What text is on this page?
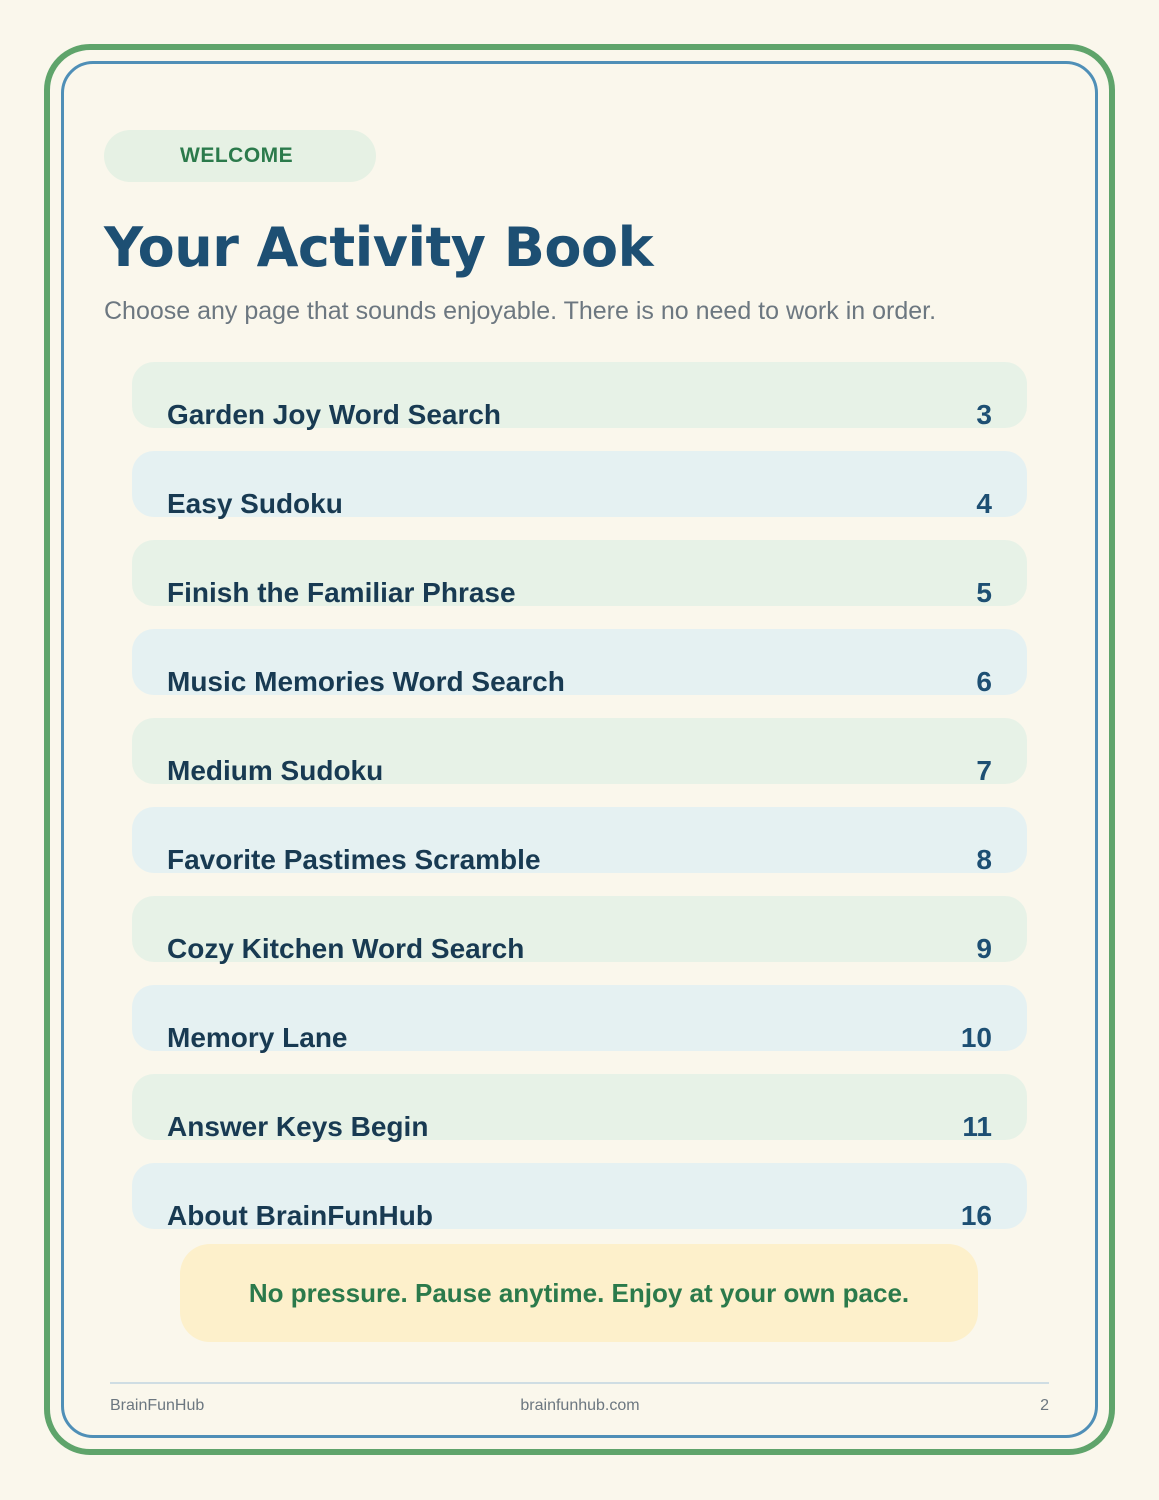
WELCOME
Your Activity Book

Choose any page that sounds enjoyable. There is no need to work in order.

Garden Joy Word Search	3
Easy Sudoku	4
Finish the Familiar Phrase	5
Music Memories Word Search	6
Medium Sudoku	7
Favorite Pastimes Scramble	8
Cozy Kitchen Word Search	9
Memory Lane	10
Answer Keys Begin	11
About BrainFunHub	16
No pressure. Pause anytime. Enjoy at your own pace.
BrainFunHub	brainfunhub.com	2
